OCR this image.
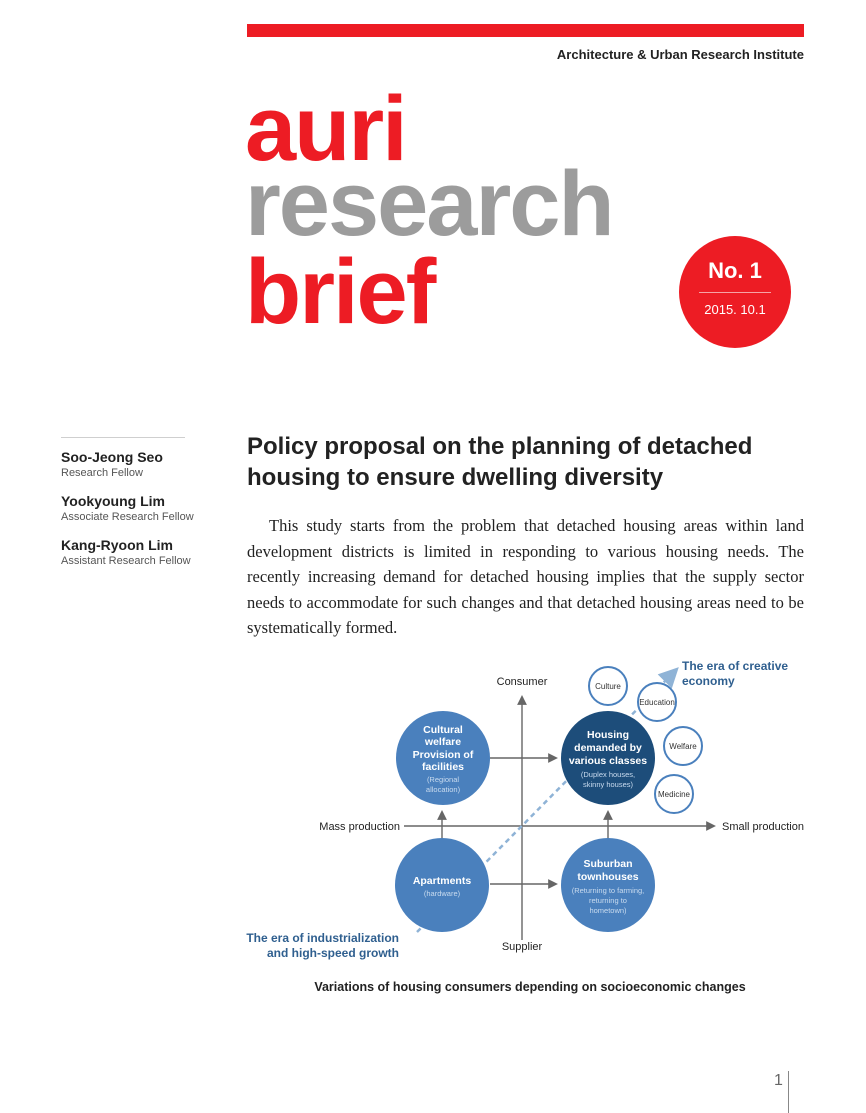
Architecture & Urban Research Institute
auri
research
brief	No. 1
2015. 10.1
Soo-Jeong Seo
Research Fellow
Yookyoung Lim
Associate Research Fellow
Kang-Ryoon Lim
Assistant Research Fellow
Policy proposal on the planning of detached housing to ensure dwelling diversity
This study starts from the problem that detached housing areas within land development districts is limited in responding to various housing needs. The recently increasing demand for detached housing implies that the supply sector needs to accommodate for such changes and that detached housing areas need to be systematically formed.
Culture
Education
Welfare
Medicine
Consumer
Supplier
Mass production	Small production
The era of creative
economy
The era of industrialization
and high-speed growth
Cultural
welfare
Provision of
facilities
(Regional
allocation)
Housing
demanded by
various classes
(Duplex houses,
skinny houses)
Apartments
(hardware)
Suburban
townhouses
(Returning to farming,
returning to
hometown)
Variations of housing consumers depending on socioeconomic changes
1
